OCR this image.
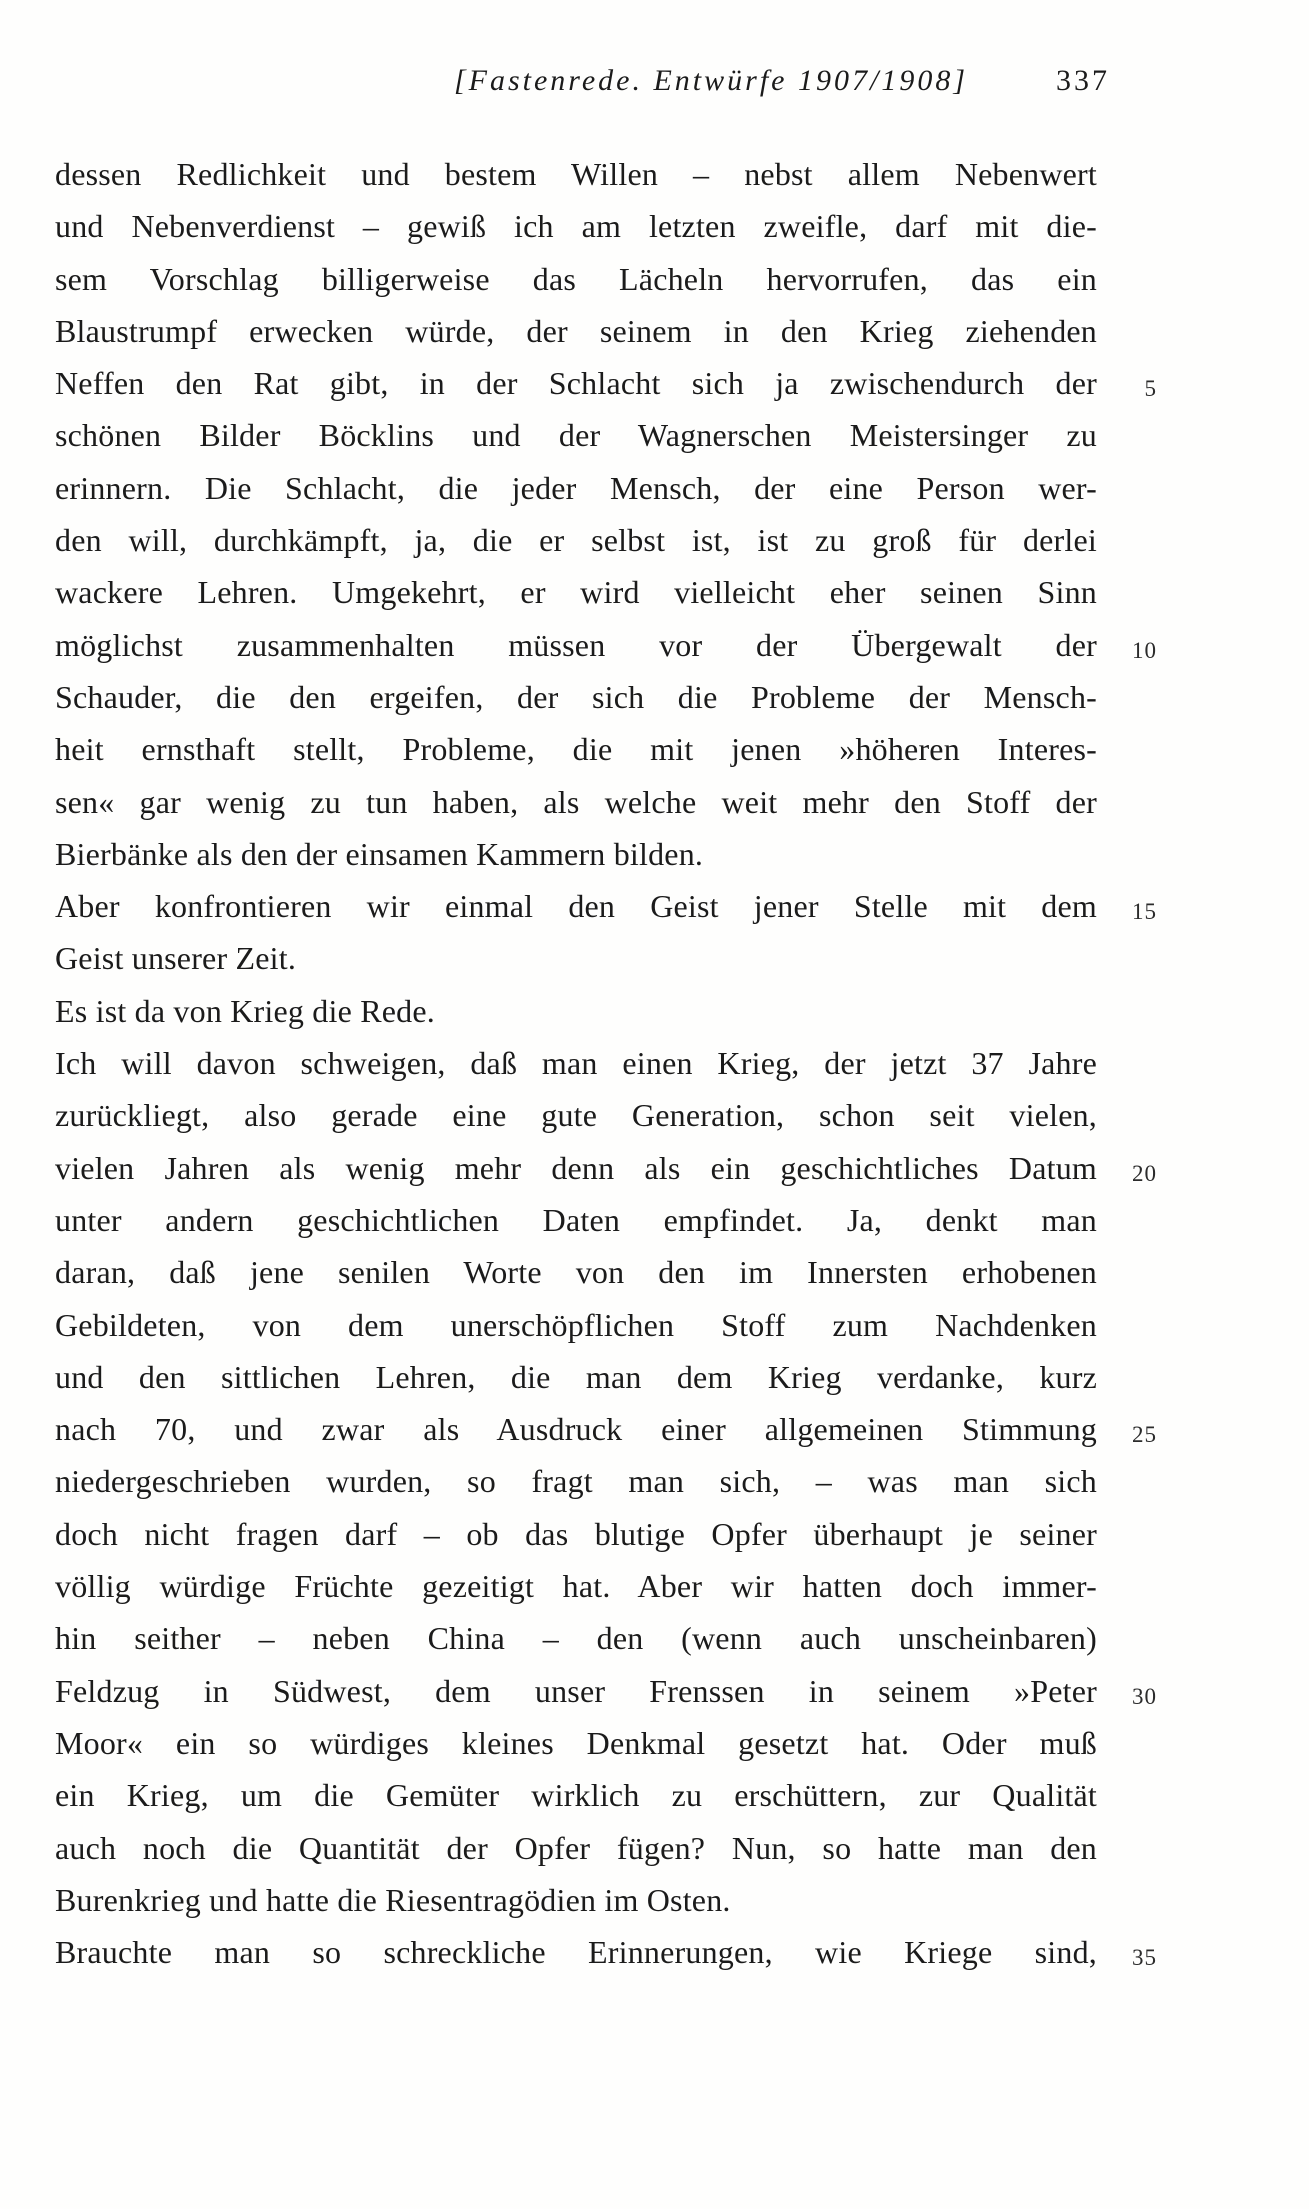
[Fastenrede. Entwürfe 1907/1908]	337
dessen Redlichkeit und bestem Willen – nebst allem Nebenwert
und Nebenverdienst – gewiß ich am letzten zweifle, darf mit die-
sem Vorschlag billigerweise das Lächeln hervorrufen, das ein
Blaustrumpf erwecken würde, der seinem in den Krieg ziehenden
Neffen den Rat gibt, in der Schlacht sich ja zwischendurch der 5
schönen Bilder Böcklins und der Wagnerschen Meistersinger zu
erinnern. Die Schlacht, die jeder Mensch, der eine Person wer-
den will, durchkämpft, ja, die er selbst ist, ist zu groß für derlei
wackere Lehren. Umgekehrt, er wird vielleicht eher seinen Sinn
möglichst zusammenhalten müssen vor der Übergewalt der 10
Schauder, die den ergeifen, der sich die Probleme der Mensch-
heit ernsthaft stellt, Probleme, die mit jenen »höheren Interes-
sen« gar wenig zu tun haben, als welche weit mehr den Stoff der
Bierbänke als den der einsamen Kammern bilden.
Aber konfrontieren wir einmal den Geist jener Stelle mit dem 15
Geist unserer Zeit.
Es ist da von Krieg die Rede.
Ich will davon schweigen, daß man einen Krieg, der jetzt 37 Jahre
zurückliegt, also gerade eine gute Generation, schon seit vielen,
vielen Jahren als wenig mehr denn als ein geschichtliches Datum 20
unter andern geschichtlichen Daten empfindet. Ja, denkt man
daran, daß jene senilen Worte von den im Innersten erhobenen
Gebildeten, von dem unerschöpflichen Stoff zum Nachdenken
und den sittlichen Lehren, die man dem Krieg verdanke, kurz
nach 70, und zwar als Ausdruck einer allgemeinen Stimmung 25
niedergeschrieben wurden, so fragt man sich, – was man sich
doch nicht fragen darf – ob das blutige Opfer überhaupt je seiner
völlig würdige Früchte gezeitigt hat. Aber wir hatten doch immer-
hin seither – neben China – den (wenn auch unscheinbaren)
Feldzug in Südwest, dem unser Frenssen in seinem »Peter 30
Moor« ein so würdiges kleines Denkmal gesetzt hat. Oder muß
ein Krieg, um die Gemüter wirklich zu erschüttern, zur Qualität
auch noch die Quantität der Opfer fügen? Nun, so hatte man den
Burenkrieg und hatte die Riesentragödien im Osten.
Brauchte man so schreckliche Erinnerungen, wie Kriege sind, 35
